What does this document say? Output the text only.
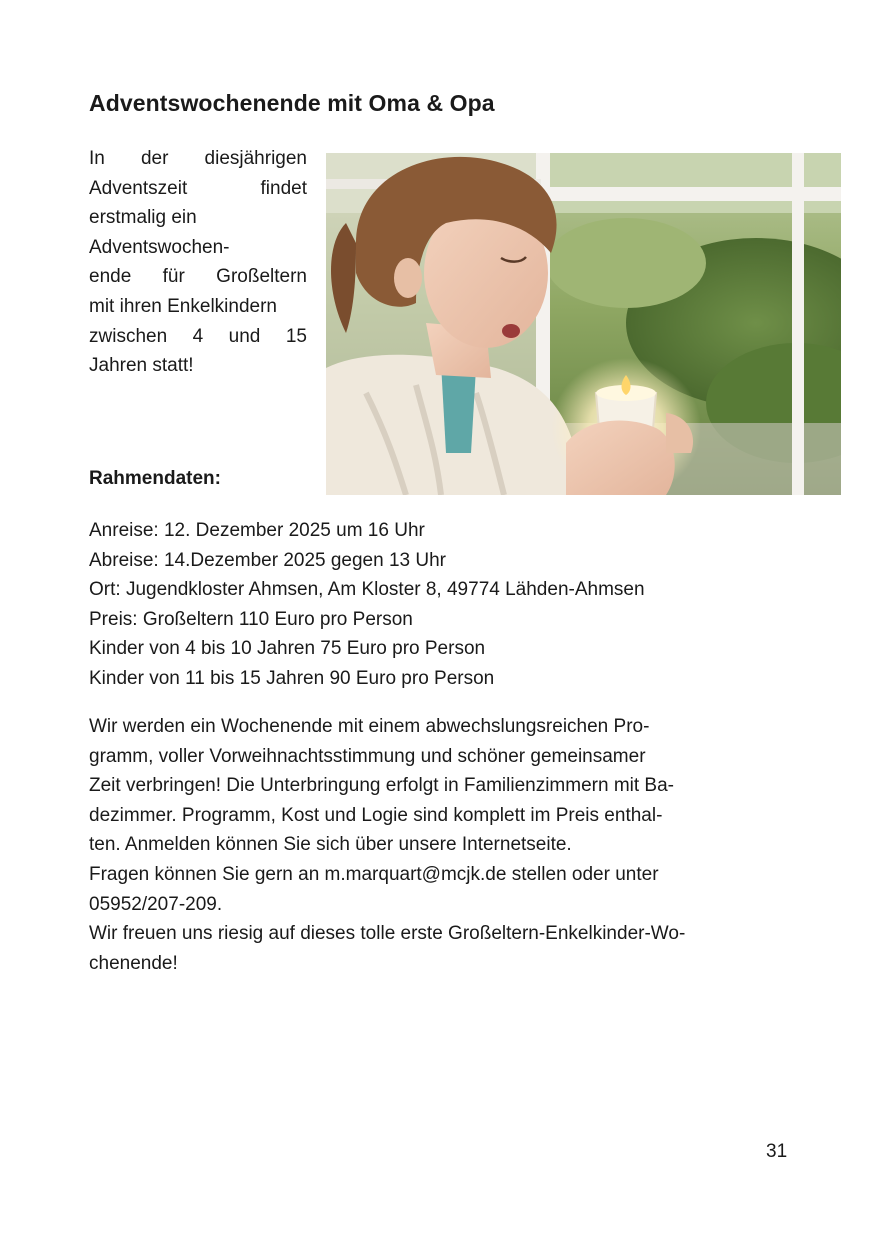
Adventswochenende mit Oma & Opa
In der diesjährigen
Adventszeit findet
erstmalig ein
Adventswochen-
ende für Großeltern
mit ihren Enkelkindern
zwischen 4 und 15
Jahren statt!
Rahmendaten:
Anreise: 12. Dezember 2025 um 16 Uhr
Abreise: 14.Dezember 2025 gegen 13 Uhr
Ort: Jugendkloster Ahmsen, Am Kloster 8, 49774 Lähden-Ahmsen
Preis: Großeltern 110 Euro pro Person
Kinder von 4 bis 10 Jahren 75 Euro pro Person
Kinder von 11 bis 15 Jahren 90 Euro pro Person
Wir werden ein Wochenende mit einem abwechslungsreichen Pro-
gramm, voller Vorweihnachtsstimmung und schöner gemeinsamer
Zeit verbringen! Die Unterbringung erfolgt in Familienzimmern mit Ba-
dezimmer. Programm, Kost und Logie sind komplett im Preis enthal-
ten. Anmelden können Sie sich über unsere Internetseite.
Fragen können Sie gern an m.marquart@mcjk.de stellen oder unter
05952/207-209.
Wir freuen uns riesig auf dieses tolle erste Großeltern-Enkelkinder-Wo-
chenende!
31
